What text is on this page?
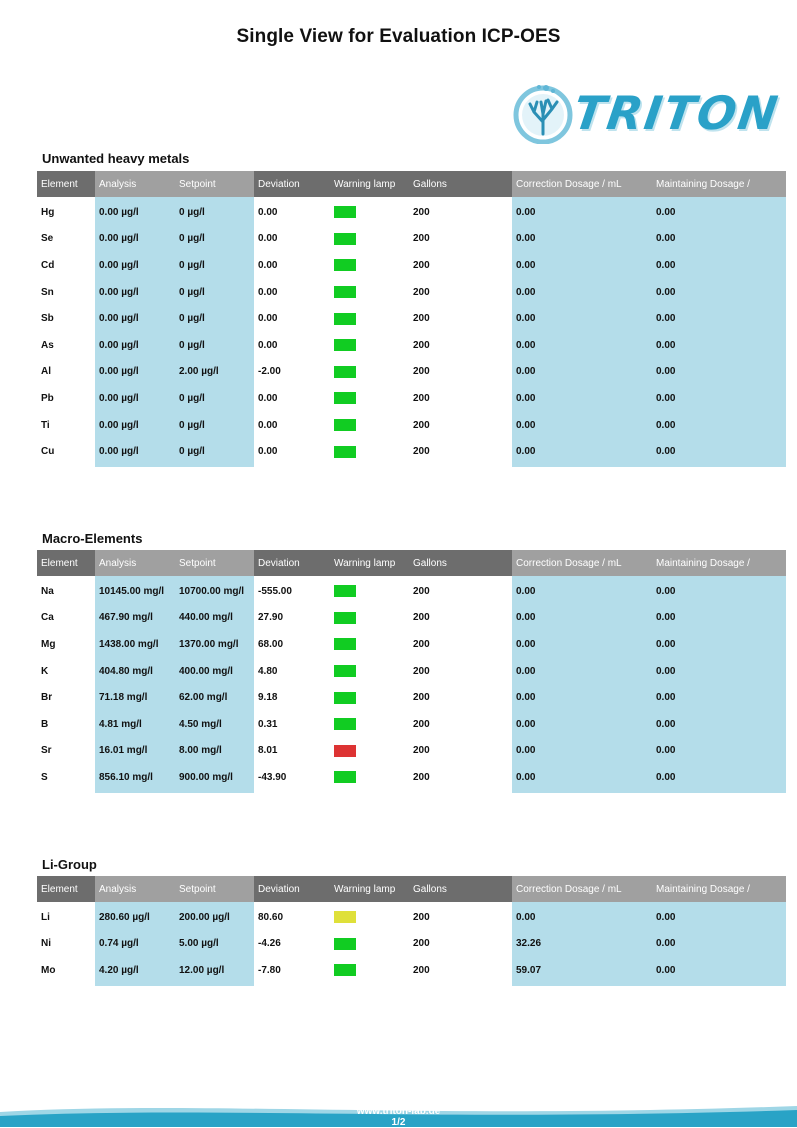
Single View for Evaluation ICP-OES
TRITON
Unwanted heavy metals
Element	Analysis	Setpoint	Deviation	Warning lamp	Gallons		Correction Dosage / mL	Maintaining Dosage /
Hg	0.00 µg/l	0 µg/l	0.00		200		0.00	0.00
Se	0.00 µg/l	0 µg/l	0.00		200		0.00	0.00
Cd	0.00 µg/l	0 µg/l	0.00		200		0.00	0.00
Sn	0.00 µg/l	0 µg/l	0.00		200		0.00	0.00
Sb	0.00 µg/l	0 µg/l	0.00		200		0.00	0.00
As	0.00 µg/l	0 µg/l	0.00		200		0.00	0.00
Al	0.00 µg/l	2.00 µg/l	-2.00		200		0.00	0.00
Pb	0.00 µg/l	0 µg/l	0.00		200		0.00	0.00
Ti	0.00 µg/l	0 µg/l	0.00		200		0.00	0.00
Cu	0.00 µg/l	0 µg/l	0.00		200		0.00	0.00
Macro-Elements
Element	Analysis	Setpoint	Deviation	Warning lamp	Gallons		Correction Dosage / mL	Maintaining Dosage /
Na	10145.00 mg/l	10700.00 mg/l	-555.00		200		0.00	0.00
Ca	467.90 mg/l	440.00 mg/l	27.90		200		0.00	0.00
Mg	1438.00 mg/l	1370.00 mg/l	68.00		200		0.00	0.00
K	404.80 mg/l	400.00 mg/l	4.80		200		0.00	0.00
Br	71.18 mg/l	62.00 mg/l	9.18		200		0.00	0.00
B	4.81 mg/l	4.50 mg/l	0.31		200		0.00	0.00
Sr	16.01 mg/l	8.00 mg/l	8.01		200		0.00	0.00
S	856.10 mg/l	900.00 mg/l	-43.90		200		0.00	0.00
Li-Group
Element	Analysis	Setpoint	Deviation	Warning lamp	Gallons		Correction Dosage / mL	Maintaining Dosage /
Li	280.60 µg/l	200.00 µg/l	80.60		200		0.00	0.00
Ni	0.74 µg/l	5.00 µg/l	-4.26		200		32.26	0.00
Mo	4.20 µg/l	12.00 µg/l	-7.80		200		59.07	0.00
www.triton-lab.de
1/2
